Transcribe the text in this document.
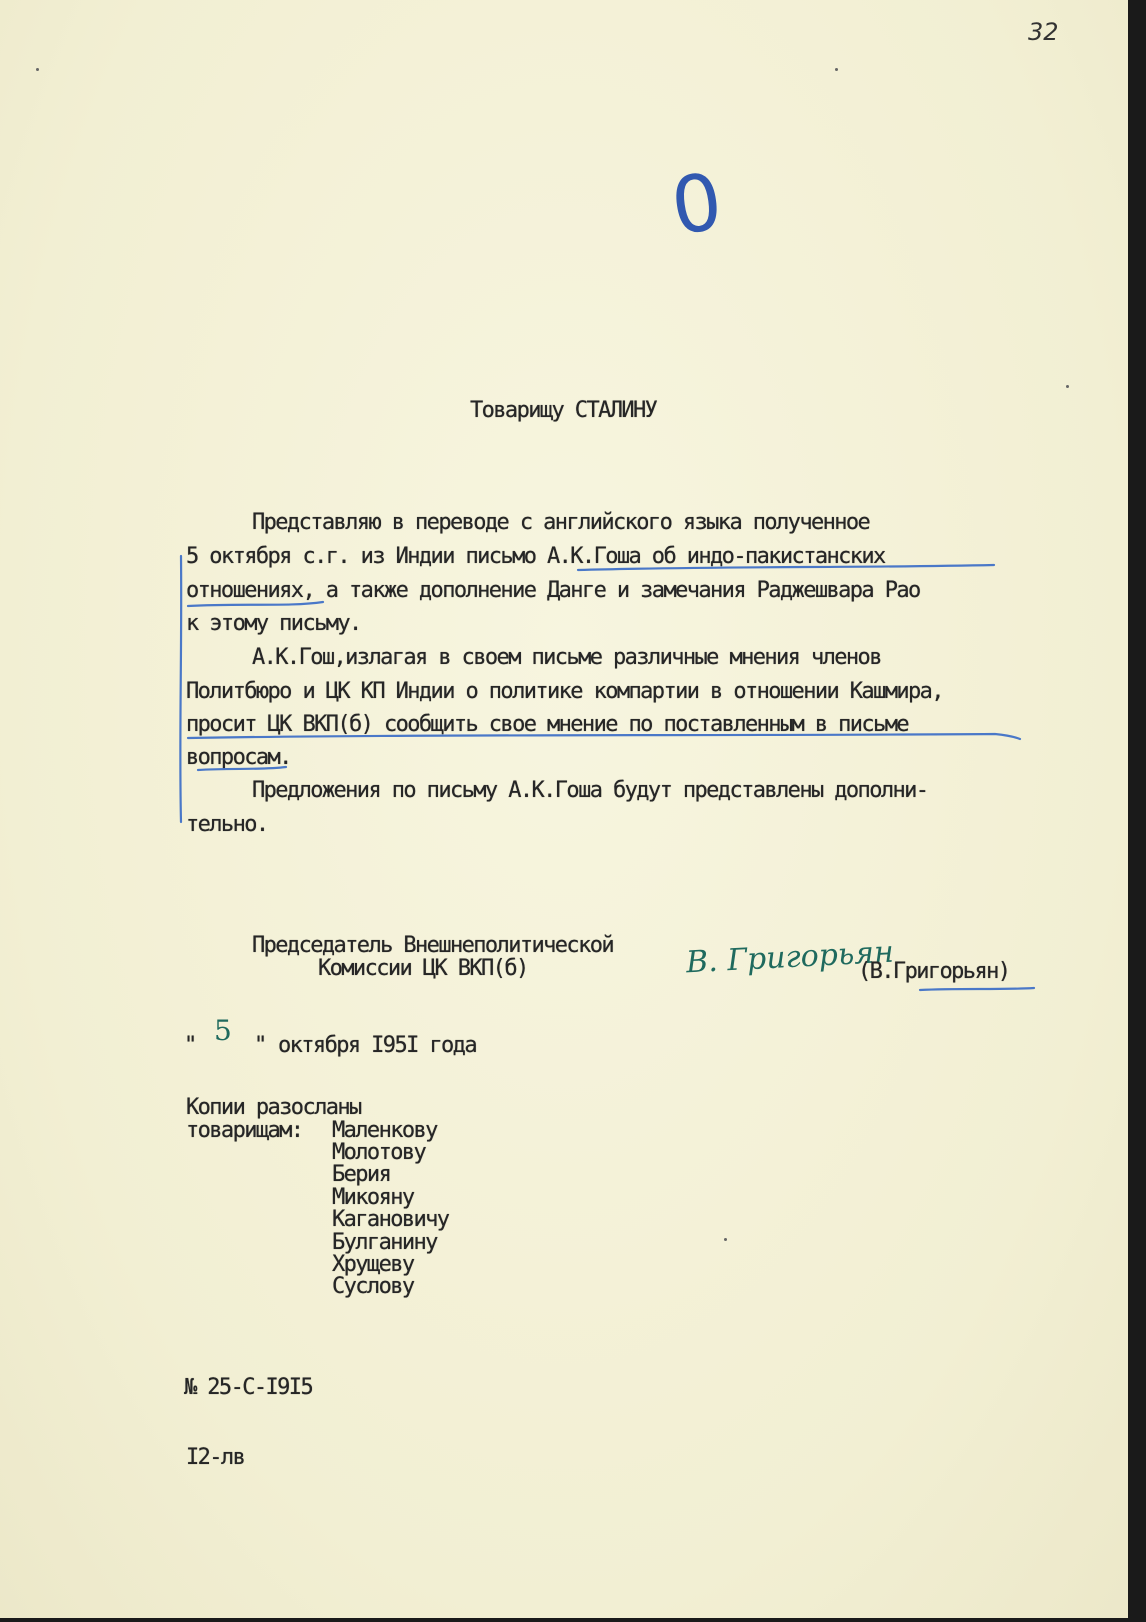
32
0
Товарищу СТАЛИНУ
Представляю в переводе с английского языка полученное
5 октября с.г. из Индии письмо А.К.Гоша об индо-пакистанских
отношениях, а также дополнение Данге и замечания Раджешвара Рао
к этому письму.
А.К.Гош,излагая в своем письме различные мнения членов
Политбюро и ЦК КП Индии о политике компартии в отношении Кашмира,
просит ЦК ВКП(б) сообщить свое мнение по поставленным в письме
вопросам.
Предложения по письму А.К.Гоша будут представлены дополни-
тельно.
Председатель Внешнеполитической
Комиссии ЦК ВКП(б)	В. Григорьян
(В.Григорьян)
" 5 " октября I95I года
Копии разосланы
товарищам: Маленкову
Молотову
Берия
Микояну
Кагановичу
Булганину
Хрущеву
Суслову
№ 25-С-I9I5
I2-лв
